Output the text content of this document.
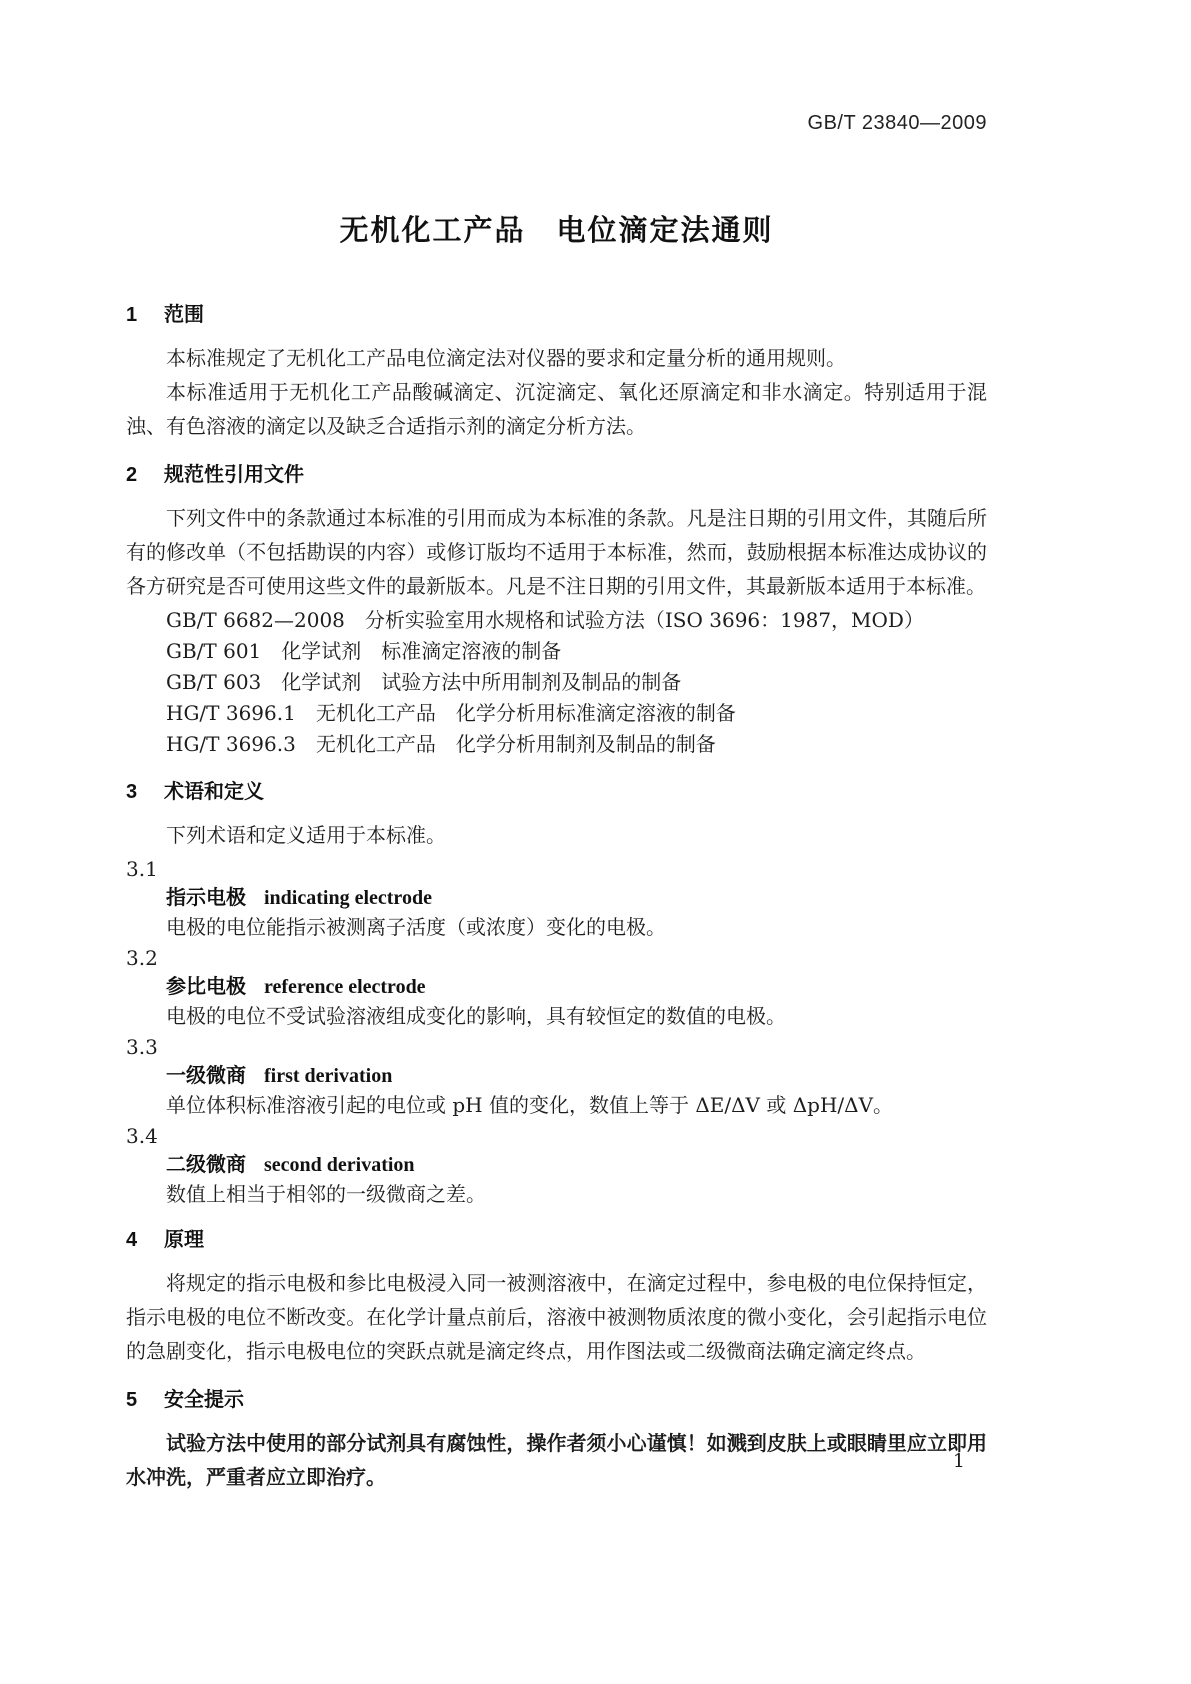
GB/T 23840—2009
无机化工产品　电位滴定法通则
1 范围

本标准规定了无机化工产品电位滴定法对仪器的要求和定量分析的通用规则。

本标准适用于无机化工产品酸碱滴定、沉淀滴定、氧化还原滴定和非水滴定。特别适用于混浊、有色溶液的滴定以及缺乏合适指示剂的滴定分析方法。

2 规范性引用文件

下列文件中的条款通过本标准的引用而成为本标准的条款。凡是注日期的引用文件，其随后所有的修改单（不包括勘误的内容）或修订版均不适用于本标准，然而，鼓励根据本标准达成协议的各方研究是否可使用这些文件的最新版本。凡是不注日期的引用文件，其最新版本适用于本标准。

GB/T 6682—2008　分析实验室用水规格和试验方法（ISO 3696：1987，MOD）
GB/T 601　化学试剂　标准滴定溶液的制备
GB/T 603　化学试剂　试验方法中所用制剂及制品的制备
HG/T 3696.1　无机化工产品　化学分析用标准滴定溶液的制备
HG/T 3696.3　无机化工产品　化学分析用制剂及制品的制备
3 术语和定义

下列术语和定义适用于本标准。

3.1
指示电极 indicating electrode

电极的电位能指示被测离子活度（或浓度）变化的电极。

3.2
参比电极 reference electrode

电极的电位不受试验溶液组成变化的影响，具有较恒定的数值的电极。

3.3
一级微商 first derivation

单位体积标准溶液引起的电位或 pH 值的变化，数值上等于 ΔE/ΔV 或 ΔpH/ΔV。

3.4
二级微商 second derivation

数值上相当于相邻的一级微商之差。

4 原理

将规定的指示电极和参比电极浸入同一被测溶液中，在滴定过程中，参电极的电位保持恒定，指示电极的电位不断改变。在化学计量点前后，溶液中被测物质浓度的微小变化，会引起指示电位的急剧变化，指示电极电位的突跃点就是滴定终点，用作图法或二级微商法确定滴定终点。

5 安全提示

试验方法中使用的部分试剂具有腐蚀性，操作者须小心谨慎！如溅到皮肤上或眼睛里应立即用水冲洗，严重者应立即治疗。

1
